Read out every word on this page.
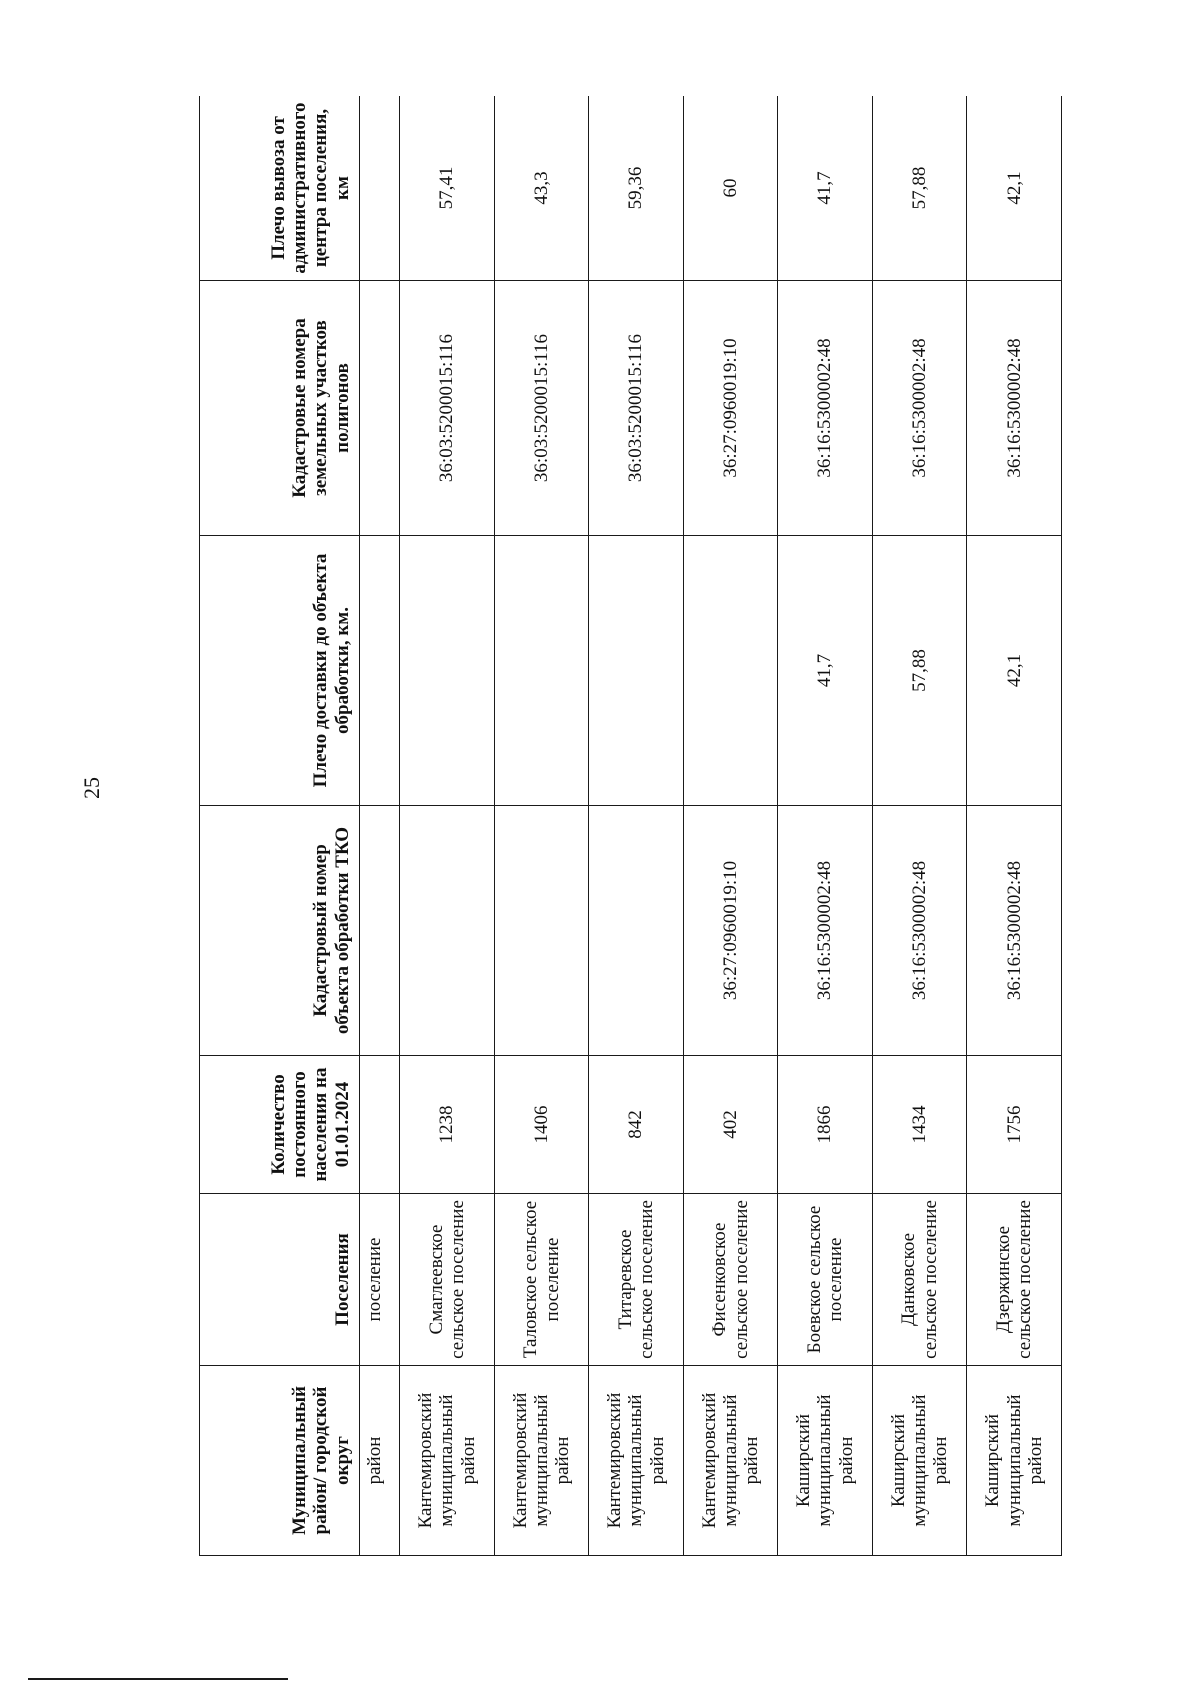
25
Муниципальный район/ городской округ	Поселения	Количество постоянного населения на 01.01.2024	Кадастровый номер объекта обработки ТКО	Плечо доставки до объекта обработки, км.	Кадастровые номера земельных участков полигонов	Плечо вывоза от административного центра поселения, км
район	поселение					
Кантемировский муниципальный район	Смаглеевское сельское поселение	1238			36:03:5200015:116	57,41
Кантемировский муниципальный район	Таловское сельское поселение	1406			36:03:5200015:116	43,3
Кантемировский муниципальный район	Титаревское сельское поселение	842			36:03:5200015:116	59,36
Кантемировский муниципальный район	Фисенковское сельское поселение	402	36:27:0960019:10		36:27:0960019:10	60
Каширский муниципальный район	Боевское сельское поселение	1866	36:16:5300002:48	41,7	36:16:5300002:48	41,7
Каширский муниципальный район	Данковское сельское поселение	1434	36:16:5300002:48	57,88	36:16:5300002:48	57,88
Каширский муниципальный район	Дзержинское сельское поселение	1756	36:16:5300002:48	42,1	36:16:5300002:48	42,1
